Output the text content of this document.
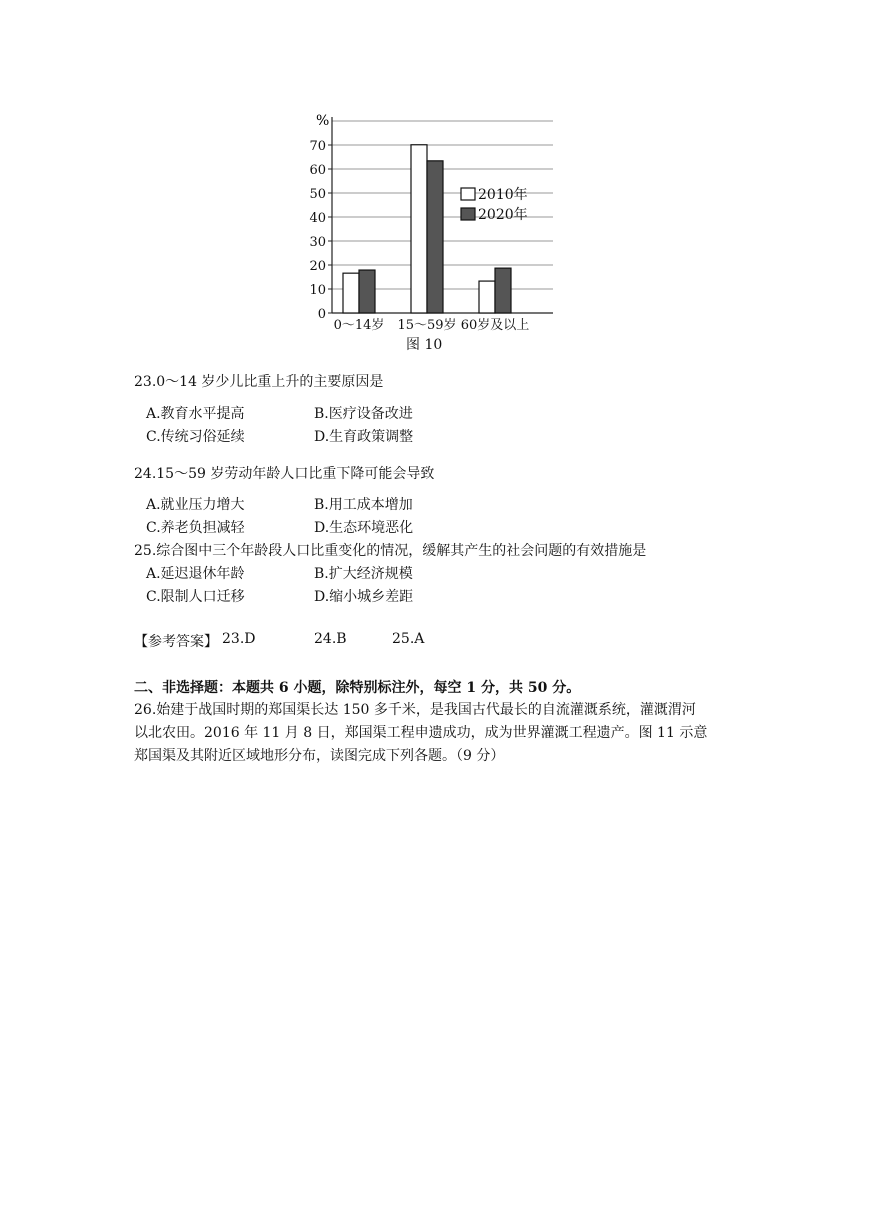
0
10
20
30
40
50
60
70
0～14岁 15～59岁 60岁及以上
2010年
2020年
%
图 10
23.0～14 岁少儿比重上升的主要原因是
A.教育水平提高	B.医疗设备改进
C.传统习俗延续	D.生育政策调整
24.15～59 岁劳动年龄人口比重下降可能会导致
A.就业压力增大	B.用工成本增加
C.养老负担减轻	D.生态环境恶化
25.综合图中三个年龄段人口比重变化的情况，缓解其产生的社会问题的有效措施是
A.延迟退休年龄	B.扩大经济规模
C.限制人口迁移	D.缩小城乡差距
【参考答案】 23.D	24.B	25.A
二、非选择题：本题共 6 小题，除特别标注外，每空 1 分，共 50 分。
26.始建于战国时期的郑国渠长达 150 多千米，是我国古代最长的自流灌溉系统，灌溉渭河
以北农田。2016 年 11 月 8 日，郑国渠工程申遗成功，成为世界灌溉工程遗产。图 11 示意
郑国渠及其附近区域地形分布，读图完成下列各题。（9 分）
